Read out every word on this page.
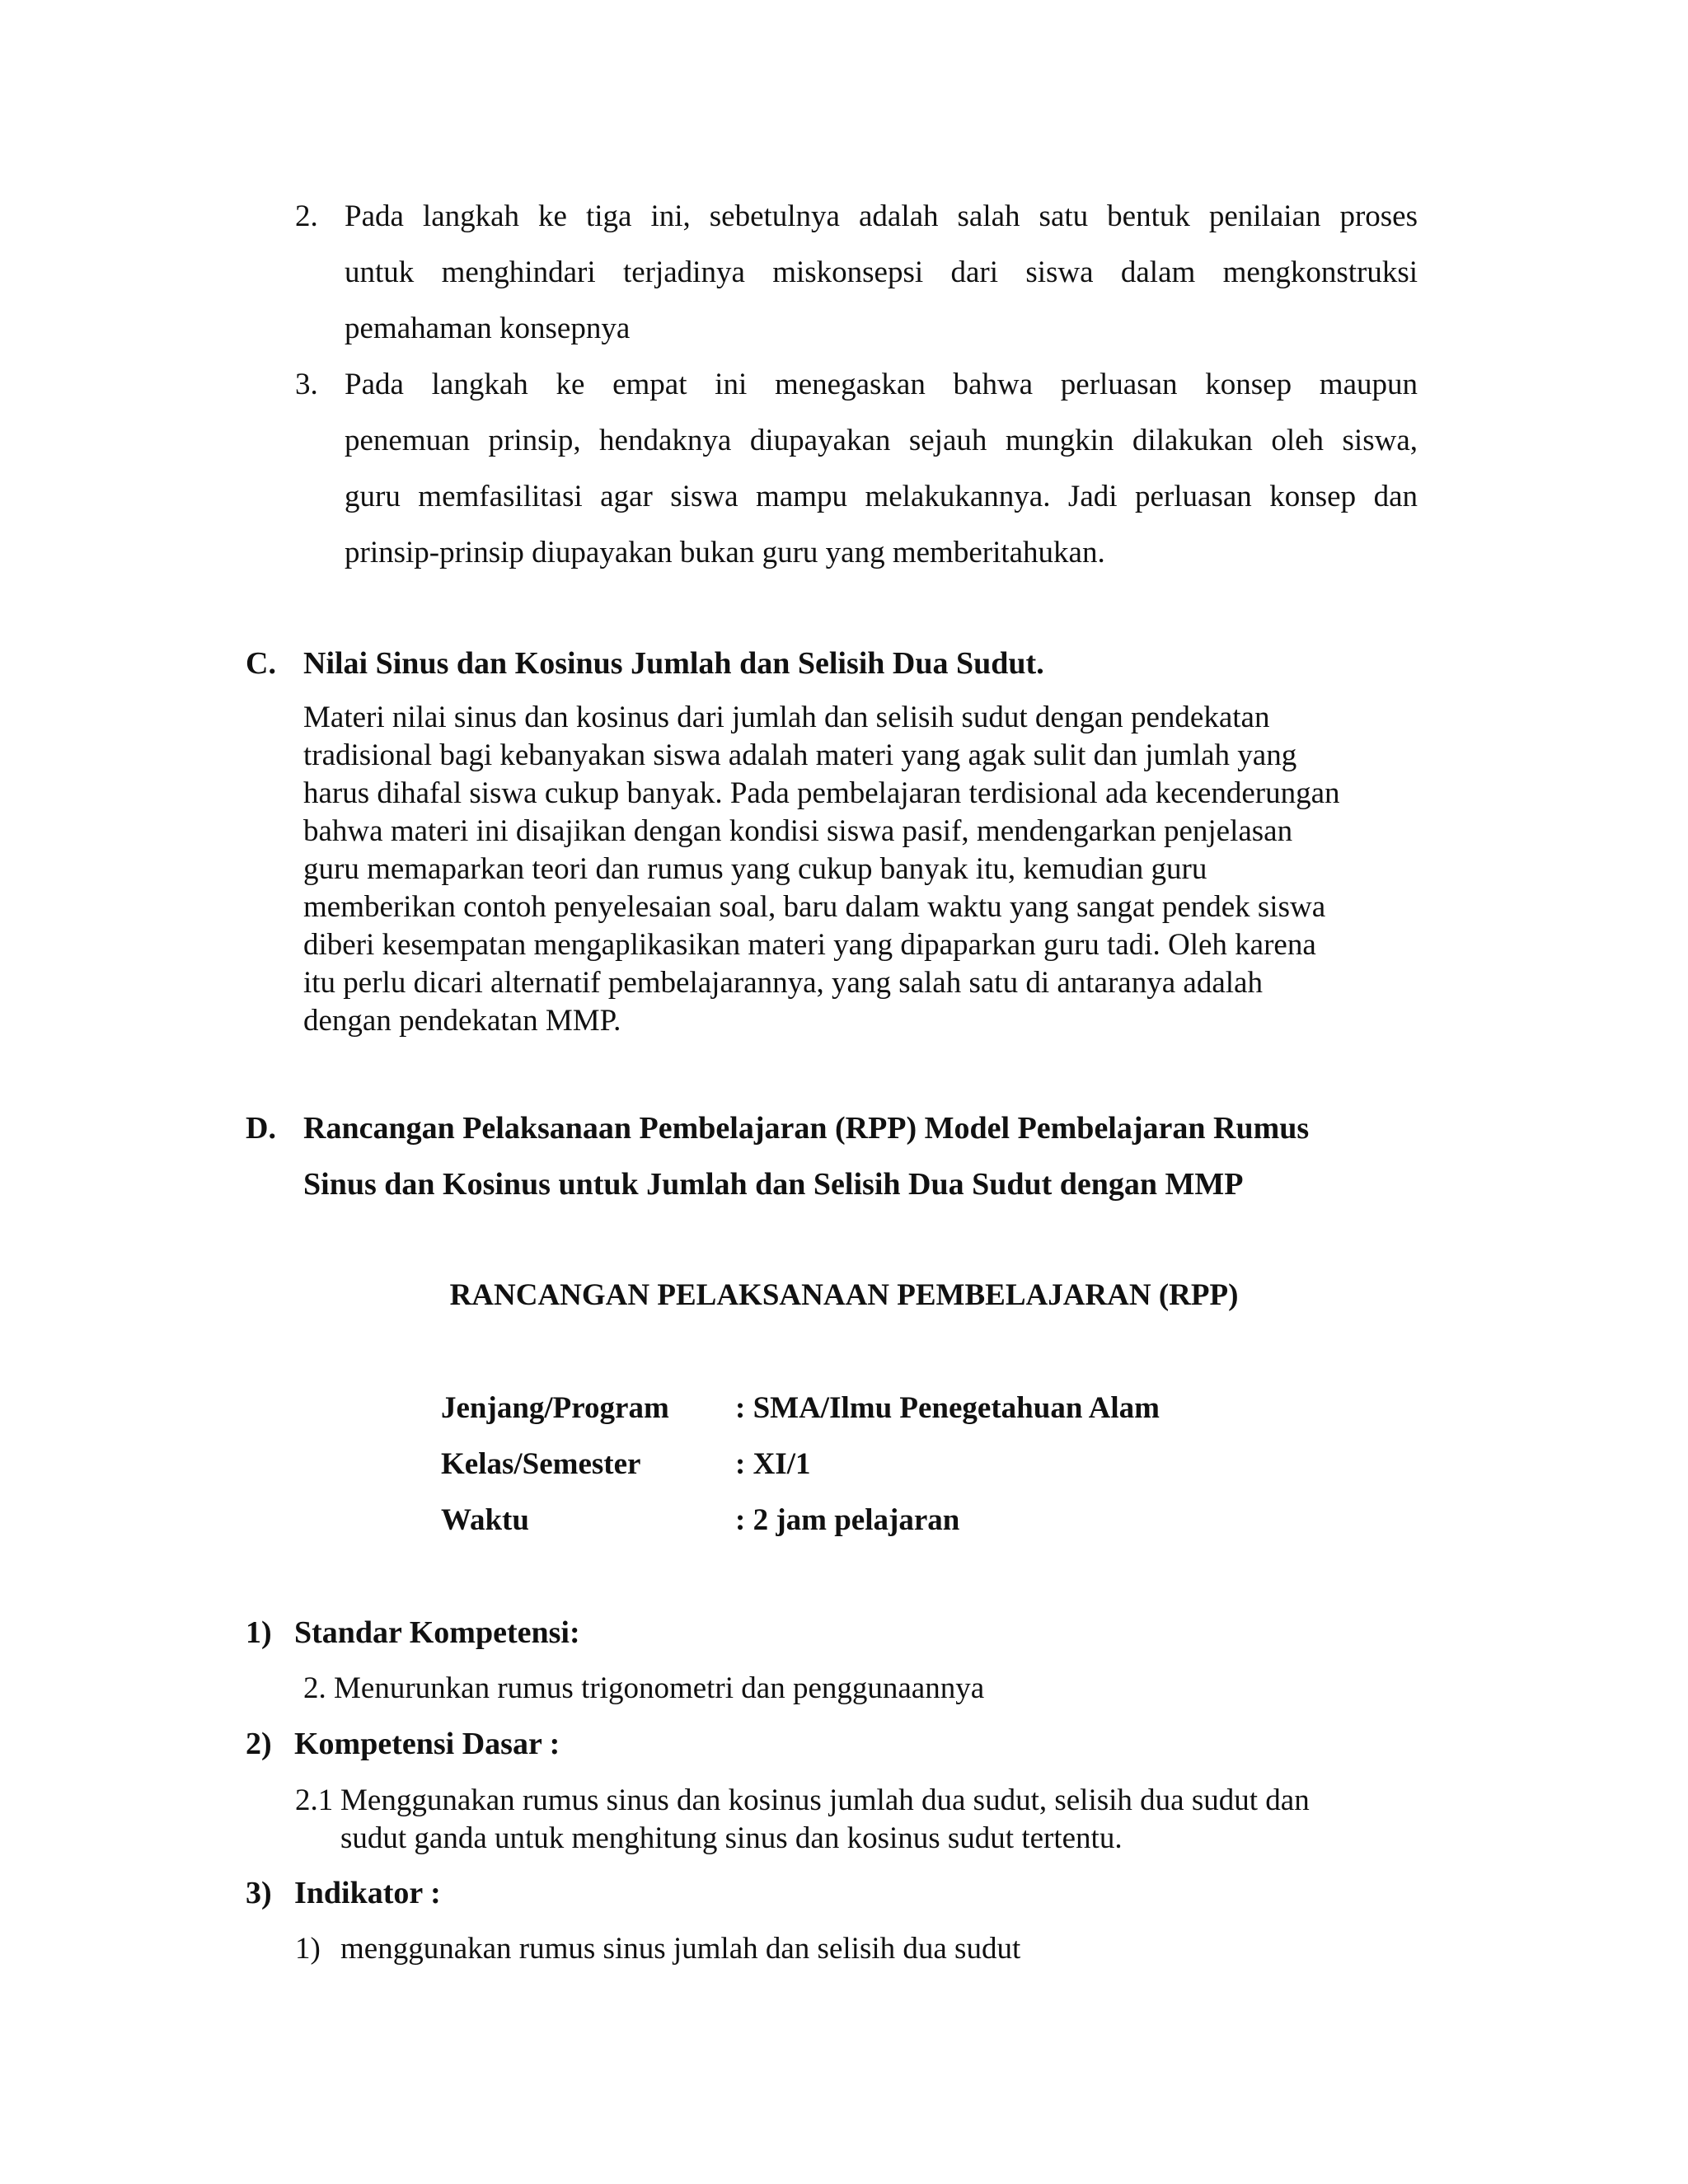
2. Pada langkah ke tiga ini, sebetulnya adalah salah satu bentuk penilaian proses
untuk menghindari terjadinya miskonsepsi dari siswa dalam mengkonstruksi
pemahaman konsepnya
3. Pada langkah ke empat ini menegaskan bahwa perluasan konsep maupun
penemuan prinsip, hendaknya diupayakan sejauh mungkin dilakukan oleh siswa,
guru memfasilitasi agar siswa mampu melakukannya. Jadi perluasan konsep dan
prinsip-prinsip diupayakan bukan guru yang memberitahukan.
C. Nilai Sinus dan Kosinus Jumlah dan Selisih Dua Sudut.
Materi nilai sinus dan kosinus dari jumlah dan selisih sudut dengan pendekatan
tradisional bagi kebanyakan siswa adalah materi yang agak sulit dan jumlah yang
harus dihafal siswa cukup banyak. Pada pembelajaran terdisional ada kecenderungan
bahwa materi ini disajikan dengan kondisi siswa pasif, mendengarkan penjelasan
guru memaparkan teori dan rumus yang cukup banyak itu, kemudian guru
memberikan contoh penyelesaian soal, baru dalam waktu yang sangat pendek siswa
diberi kesempatan mengaplikasikan materi yang dipaparkan guru tadi. Oleh karena
itu perlu dicari alternatif pembelajarannya, yang salah satu di antaranya adalah
dengan pendekatan MMP.
D. Rancangan Pelaksanaan Pembelajaran (RPP) Model Pembelajaran Rumus
Sinus dan Kosinus untuk Jumlah dan Selisih Dua Sudut dengan MMP
RANCANGAN PELAKSANAAN PEMBELAJARAN (RPP)
Jenjang/Program : SMA/Ilmu Penegetahuan Alam
Kelas/Semester	: XI/1
Waktu	: 2 jam pelajaran
1) Standar Kompetensi:
2. Menurunkan rumus trigonometri dan penggunaannya
2) Kompetensi Dasar :
2.1 Menggunakan rumus sinus dan kosinus jumlah dua sudut, selisih dua sudut dan
sudut ganda untuk menghitung sinus dan kosinus sudut tertentu.
3) Indikator :
1) menggunakan rumus sinus jumlah dan selisih dua sudut
